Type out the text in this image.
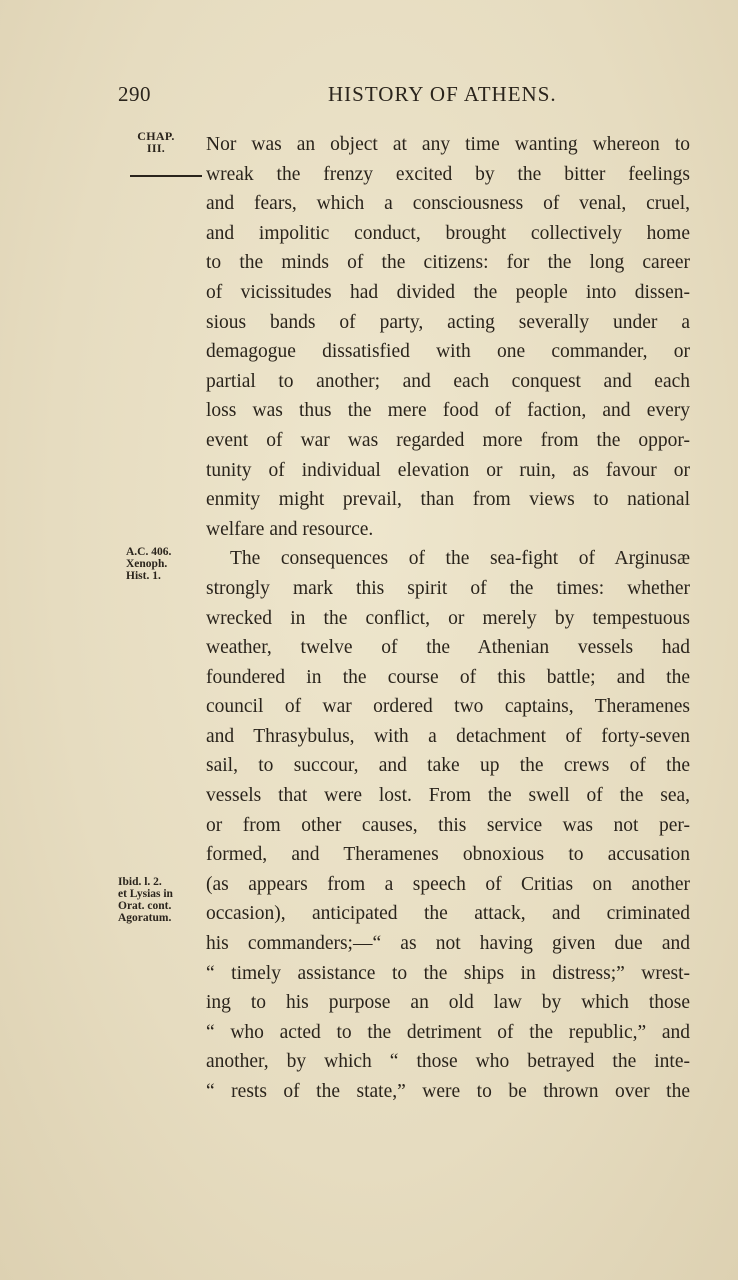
290	HISTORY OF ATHENS.
CHAP.
III.
A.C. 406.
Xenoph.
Hist. 1.
Ibid. l. 2.
et Lysias in
Orat. cont.
Agoratum.
Nor was an object at any time wanting whereon to
wreak the frenzy excited by the bitter feelings
and fears, which a consciousness of venal, cruel,
and impolitic conduct, brought collectively home
to the minds of the citizens: for the long career
of vicissitudes had divided the people into dissen-
sious bands of party, acting severally under a
demagogue dissatisfied with one commander, or
partial to another; and each conquest and each
loss was thus the mere food of faction, and every
event of war was regarded more from the oppor-
tunity of individual elevation or ruin, as favour or
enmity might prevail, than from views to national
welfare and resource.
The consequences of the sea-fight of Arginusæ
strongly mark this spirit of the times: whether
wrecked in the conflict, or merely by tempestuous
weather, twelve of the Athenian vessels had
foundered in the course of this battle; and the
council of war ordered two captains, Theramenes
and Thrasybulus, with a detachment of forty-seven
sail, to succour, and take up the crews of the
vessels that were lost. From the swell of the sea,
or from other causes, this service was not per-
formed, and Theramenes obnoxious to accusation
(as appears from a speech of Critias on another
occasion), anticipated the attack, and criminated
his commanders;—“ as not having given due and
“ timely assistance to the ships in distress;” wrest-
ing to his purpose an old law by which those
“ who acted to the detriment of the republic,” and
another, by which “ those who betrayed the inte-
“ rests of the state,” were to be thrown over the
